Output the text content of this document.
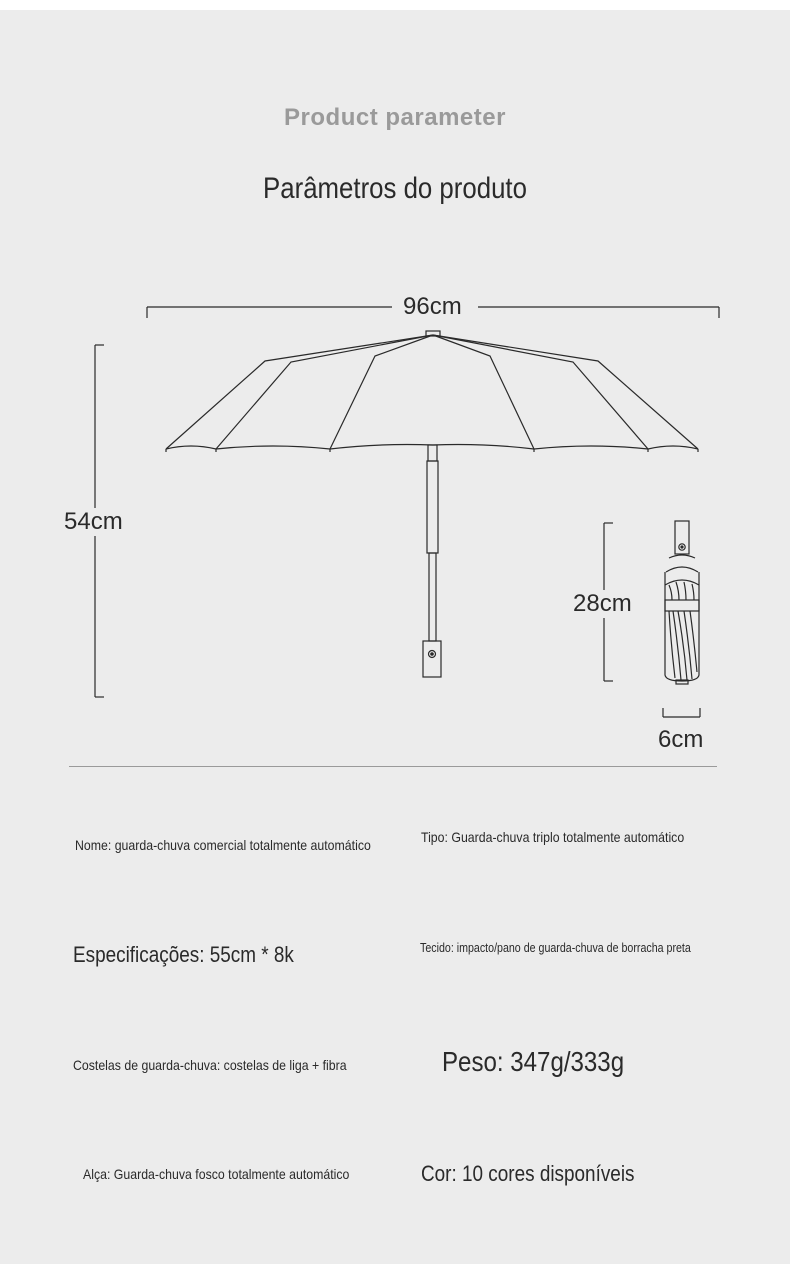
Product parameter
Parâmetros do produto
96cm
54cm
28cm
6cm
Nome: guarda-chuva comercial totalmente automático	Tipo: Guarda-chuva triplo totalmente automático
Especificações: 55cm * 8k	Tecido: impacto/pano de guarda-chuva de borracha preta
Costelas de guarda-chuva: costelas de liga + fibra	Peso: 347g/333g
Alça: Guarda-chuva fosco totalmente automático	Cor: 10 cores disponíveis
